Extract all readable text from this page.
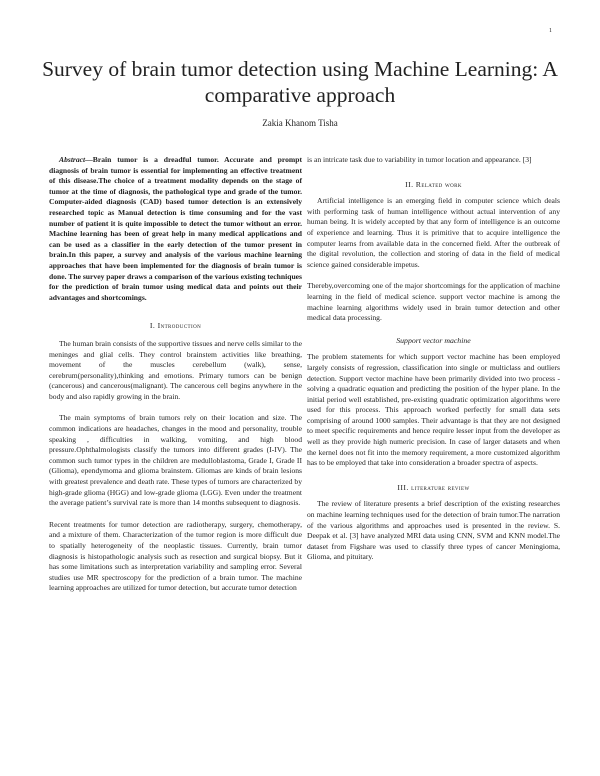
1
Survey of brain tumor detection using Machine Learning: A comparative approach
Zakia Khanom Tisha

Abstract—Brain tumor is a dreadful tumor. Accurate and prompt diagnosis of brain tumor is essential for implementing an effective treatment of this disease.The choice of a treatment modality depends on the stage of tumor at the time of diagnosis, the pathological type and grade of the tumor. Computer-aided diagnosis (CAD) based tumor detection is an extensively researched topic as Manual detection is time consuming and for the vast number of patient it is quite impossible to detect the tumor without an error. Machine learning has been of great help in many medical applications and can be used as a classifier in the early detection of the tumor present in brain.In this paper, a survey and analysis of the various machine learning approaches that have been implemented for the diagnosis of brain tumor is done. The survey paper draws a comparison of the various existing techniques for the prediction of brain tumor using medical data and points out their advantages and shortcomings.

I. Introduction

The human brain consists of the supportive tissues and nerve cells similar to the meninges and glial cells. They control brainstem activities like breathing, movement of the muscles cerebellum (walk), sense, cerebrum(personality),thinking and emotions. Primary tumors can be benign (cancerous) and cancerous(malignant). The cancerous cell begins anywhere in the body and also rapidly growing in the brain.

The main symptoms of brain tumors rely on their location and size. The common indications are headaches, changes in the mood and personality, trouble speaking , difficulties in walking, vomiting, and high blood pressure.Ophthalmologists classify the tumors into different grades (I-IV). The common such tumor types in the children are medulloblastoma, Grade I, Grade II (Glioma), ependymoma and glioma brainstem. Gliomas are kinds of brain lesions with greatest prevalence and death rate. These types of tumors are characterized by high-grade glioma (HGG) and low-grade glioma (LGG). Even under the treatment the average patient’s survival rate is more than 14 months subsequent to diagnosis.

Recent treatments for tumor detection are radiotherapy, surgery, chemotherapy, and a mixture of them. Characterization of the tumor region is more difficult due to spatially heterogeneity of the neoplastic tissues. Currently, brain tumor diagnosis is histopathologic analysis such as resection and surgical biopsy. But it has some limitations such as interpretation variability and sampling error. Several studies use MR spectroscopy for the prediction of a brain tumor. The machine learning approaches are utilized for tumor detection, but accurate tumor detection

is an intricate task due to variability in tumor location and appearance. [3]

II. Related work

Artificial intelligence is an emerging field in computer science which deals with performing task of human intelligence without actual intervention of any human being. It is widely accepted by that any form of intelligence is an outcome of experience and learning. Thus it is primitive that to acquire intelligence the computer learns from available data in the concerned field. After the outbreak of the digital revolution, the collection and storing of data in the field of medical science gained considerable impetus.

Thereby,overcoming one of the major shortcomings for the application of machine learning in the field of medical science. support vector machine is among the machine learning algorithms widely used in brain tumor detection and other medical data processing.

Support vector machine

The problem statements for which support vector machine has been employed largely consists of regression, classification into single or multiclass and outliers detection. Support vector machine have been primarily divided into two process - solving a quadratic equation and predicting the position of the hyper plane. In the initial period well established, pre-existing quadratic optimization algorithms were used for this process. This approach worked perfectly for small data sets comprising of around 1000 samples. Their advantage is that they are not designed to meet specific requirements and hence require lesser input from the developer as well as they provide high numeric precision. In case of larger datasets and when the kernel does not fit into the memory requirement, a more customized algorithm has to be employed that take into consideration a broader spectra of aspects.

III. literature review

The review of literature presents a brief description of the existing researches on machine learning techniques used for the detection of brain tumor.The narration of the various algorithms and approaches used is presented in the review. S. Deepak et al. [3] have analyzed MRI data using CNN, SVM and KNN model.The dataset from Figshare was used to classify three types of cancer Meningioma, Glioma, and pituitary.
